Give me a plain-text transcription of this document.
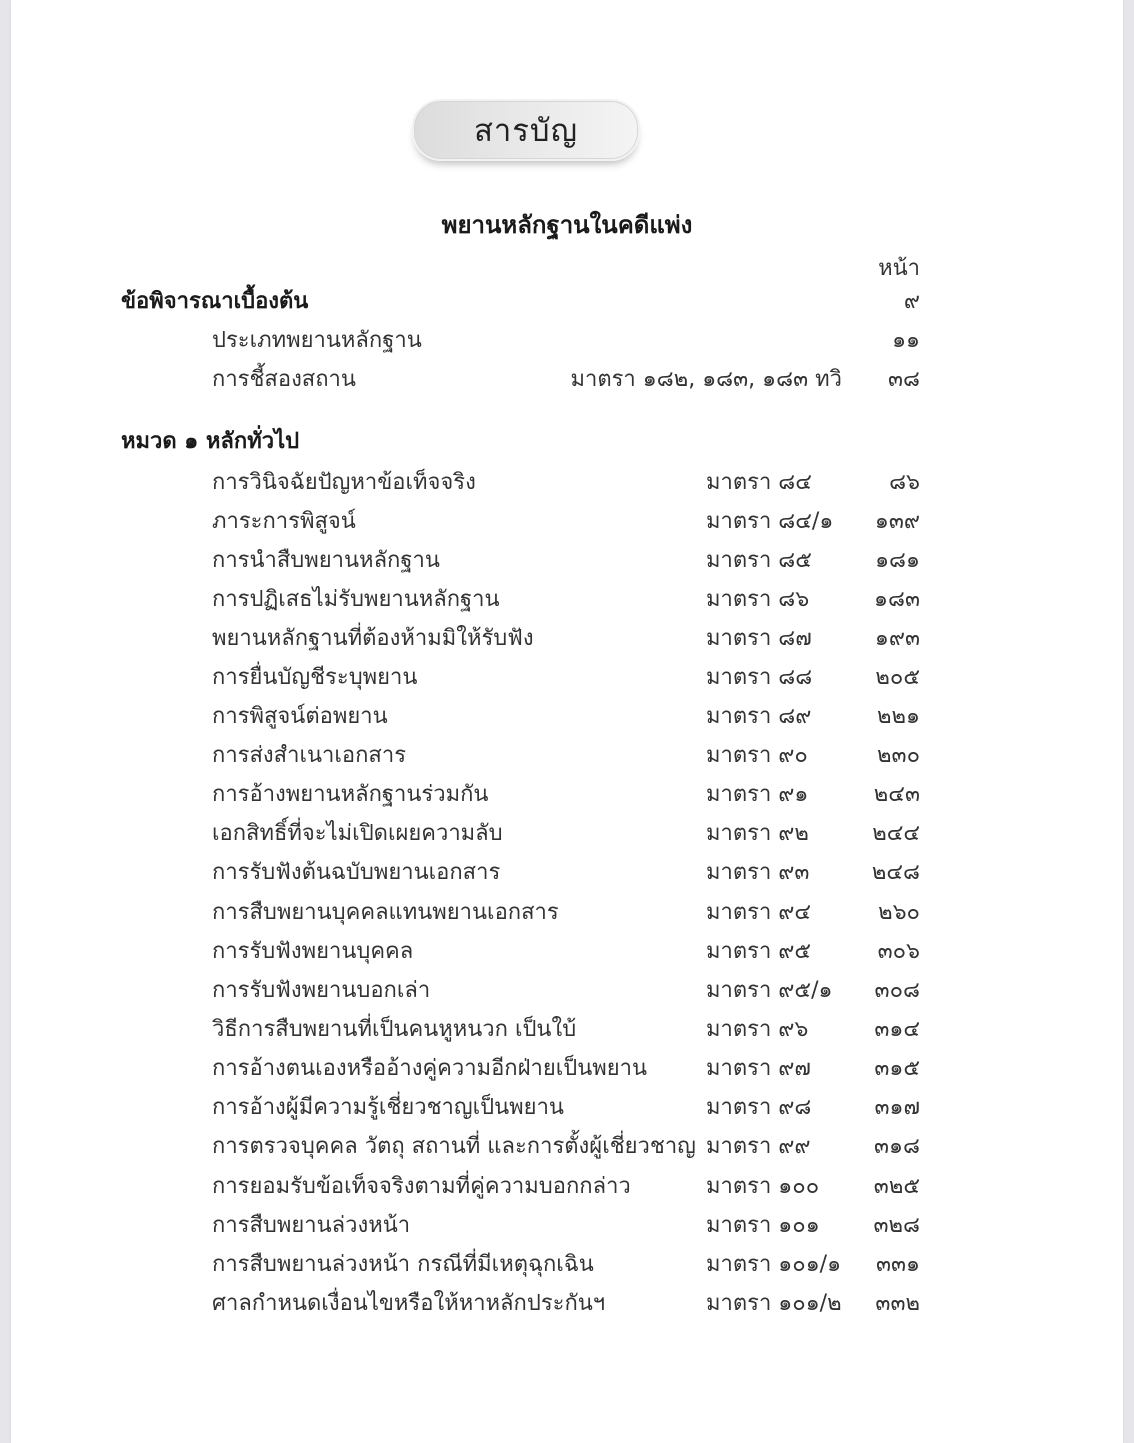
สารบัญ
พยานหลักฐานในคดีแพ่ง
หน้า
ข้อพิจารณาเบื้องต้น	๙
ประเภทพยานหลักฐาน	๑๑
การชี้สองสถาน	มาตรา ๑๘๒, ๑๘๓, ๑๘๓ ทวิ ๓๘
หมวด ๑ หลักทั่วไป
การวินิจฉัยปัญหาข้อเท็จจริง	มาตรา ๘๔	๘๖
ภาระการพิสูจน์	มาตรา ๘๔/๑ ๑๓๙
การนำสืบพยานหลักฐาน	มาตรา ๘๕	๑๘๑
การปฏิเสธไม่รับพยานหลักฐาน	มาตรา ๘๖	๑๘๓
พยานหลักฐานที่ต้องห้ามมิให้รับฟัง	มาตรา ๘๗	๑๙๓
การยื่นบัญชีระบุพยาน	มาตรา ๘๘	๒๐๕
การพิสูจน์ต่อพยาน	มาตรา ๘๙	๒๒๑
การส่งสำเนาเอกสาร	มาตรา ๙๐	๒๓๐
การอ้างพยานหลักฐานร่วมกัน	มาตรา ๙๑	๒๔๓
เอกสิทธิ์ที่จะไม่เปิดเผยความลับ	มาตรา ๙๒	๒๔๔
การรับฟังต้นฉบับพยานเอกสาร	มาตรา ๙๓	๒๔๘
การสืบพยานบุคคลแทนพยานเอกสาร	มาตรา ๙๔	๒๖๐
การรับฟังพยานบุคคล	มาตรา ๙๕	๓๐๖
การรับฟังพยานบอกเล่า	มาตรา ๙๕/๑ ๓๐๘
วิธีการสืบพยานที่เป็นคนหูหนวก เป็นใบ้	มาตรา ๙๖	๓๑๔
การอ้างตนเองหรืออ้างคู่ความอีกฝ่ายเป็นพยาน	มาตรา ๙๗	๓๑๕
การอ้างผู้มีความรู้เชี่ยวชาญเป็นพยาน	มาตรา ๙๘	๓๑๗
การตรวจบุคคล วัตถุ สถานที่ และการตั้งผู้เชี่ยวชาญ มาตรา ๙๙	๓๑๘
การยอมรับข้อเท็จจริงตามที่คู่ความบอกกล่าว	มาตรา ๑๐๐ ๓๒๕
การสืบพยานล่วงหน้า	มาตรา ๑๐๑ ๓๒๘
การสืบพยานล่วงหน้า กรณีที่มีเหตุฉุกเฉิน	มาตรา ๑๐๑/๑ ๓๓๑
ศาลกำหนดเงื่อนไขหรือให้หาหลักประกันฯ	มาตรา ๑๐๑/๒ ๓๓๒
